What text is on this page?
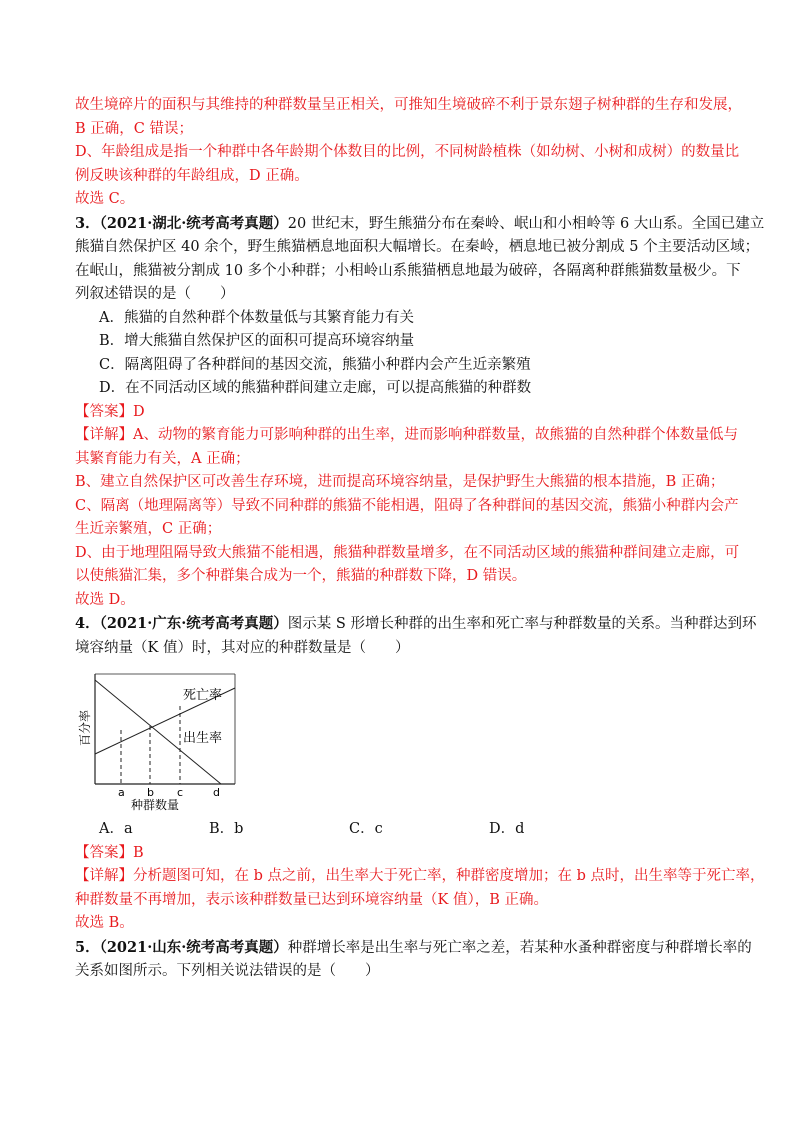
故生境碎片的面积与其维持的种群数量呈正相关，可推知生境破碎不利于景东翅子树种群的生存和发展，
B 正确，C 错误；
D、年龄组成是指一个种群中各年龄期个体数目的比例，不同树龄植株（如幼树、小树和成树）的数量比
例反映该种群的年龄组成，D 正确。
故选 C。
3．（2021·湖北·统考高考真题）20 世纪末，野生熊猫分布在秦岭、岷山和小相岭等 6 大山系。全国已建立
熊猫自然保护区 40 余个，野生熊猫栖息地面积大幅增长。在秦岭，栖息地已被分割成 5 个主要活动区域；
在岷山，熊猫被分割成 10 多个小种群；小相岭山系熊猫栖息地最为破碎，各隔离种群熊猫数量极少。下
列叙述错误的是（　　）
A．熊猫的自然种群个体数量低与其繁育能力有关
B．增大熊猫自然保护区的面积可提高环境容纳量
C．隔离阻碍了各种群间的基因交流，熊猫小种群内会产生近亲繁殖
D．在不同活动区域的熊猫种群间建立走廊，可以提高熊猫的种群数
【答案】D
【详解】A、动物的繁育能力可影响种群的出生率，进而影响种群数量，故熊猫的自然种群个体数量低与
其繁育能力有关，A 正确；
B、建立自然保护区可改善生存环境，进而提高环境容纳量，是保护野生大熊猫的根本措施，B 正确；
C、隔离（地理隔离等）导致不同种群的熊猫不能相遇，阻碍了各种群间的基因交流，熊猫小种群内会产
生近亲繁殖，C 正确；
D、由于地理阻隔导致大熊猫不能相遇，熊猫种群数量增多，在不同活动区域的熊猫种群间建立走廊，可
以使熊猫汇集，多个种群集合成为一个，熊猫的种群数下降，D 错误。
故选 D。
4．（2021·广东·统考高考真题）图示某 S 形增长种群的出生率和死亡率与种群数量的关系。当种群达到环
境容纳量（K 值）时，其对应的种群数量是（　　）
死亡率
出生率
百分率
a b c	d
种群数量
A．a	B．b	C．c	D．d
【答案】B
【详解】分析题图可知，在 b 点之前，出生率大于死亡率，种群密度增加；在 b 点时，出生率等于死亡率，
种群数量不再增加，表示该种群数量已达到环境容纳量（K 值），B 正确。
故选 B。
5．（2021·山东·统考高考真题）种群增长率是出生率与死亡率之差，若某种水蚤种群密度与种群增长率的
关系如图所示。下列相关说法错误的是（　　）
